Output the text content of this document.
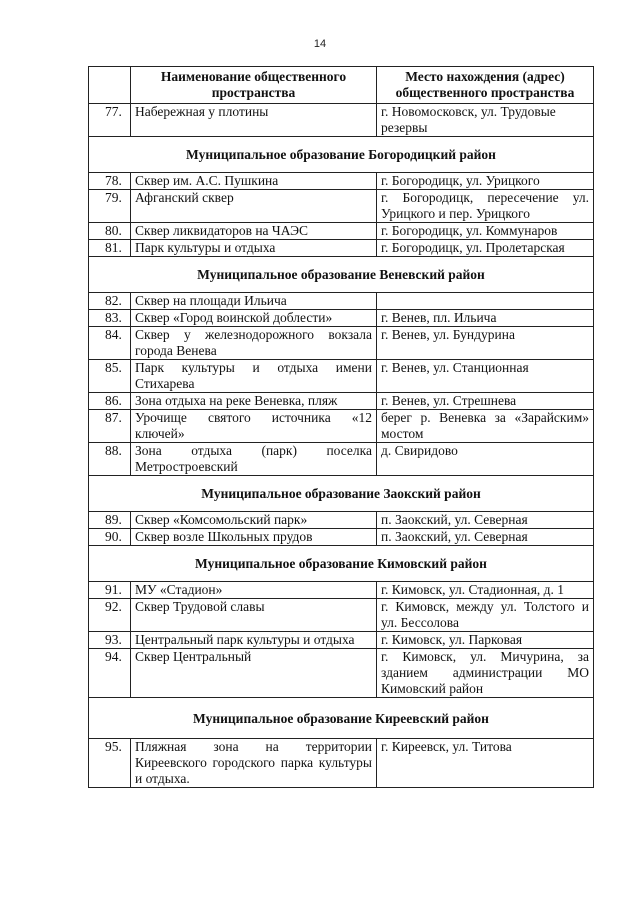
14
	Наименование общественного пространства	Место нахождения (адрес) общественного пространства
77.	Набережная у плотины	г. Новомосковск, ул. Трудовые резервы
Муниципальное образование Богородицкий район		
78.	Сквер им. А.С. Пушкина	г. Богородицк, ул. Урицкого
79.	Афганский сквер	г. Богородицк, пересечение ул. Урицкого и пер. Урицкого
80.	Сквер ликвидаторов на ЧАЭС	г. Богородицк, ул. Коммунаров
81.	Парк культуры и отдыха	г. Богородицк, ул. Пролетарская
Муниципальное образование Веневский район		
82.	Сквер на площади Ильича	
83.	Сквер «Город воинской доблести»	г. Венев, пл. Ильича
84.	Сквер у железнодорожного вокзала города Венева	г. Венев, ул. Бундурина
85.	Парк культуры и отдыха имени Стихарева	г. Венев, ул. Станционная
86.	Зона отдыха на реке Веневка, пляж	г. Венев, ул. Стрешнева
87.	Урочище святого источника «12 ключей»	берег р. Веневка за «Зарайским» мостом
88.	Зона отдыха (парк) поселка Метростроевский	д. Свиридово
Муниципальное образование Заокский район		
89.	Сквер «Комсомольский парк»	п. Заокский, ул. Северная
90.	Сквер возле Школьных прудов	п. Заокский, ул. Северная
Муниципальное образование Кимовский район		
91.	МУ «Стадион»	г. Кимовск, ул. Стадионная, д. 1
92.	Сквер Трудовой славы	г. Кимовск, между ул. Толстого и ул. Бессолова
93.	Центральный парк культуры и отдыха	г. Кимовск, ул. Парковая
94.	Сквер Центральный	г. Кимовск, ул. Мичурина, за зданием администрации МО Кимовский район
Муниципальное образование Киреевский район		
95.	Пляжная зона на территории Киреевского городского парка культуры и отдыха.	г. Киреевск, ул. Титова
